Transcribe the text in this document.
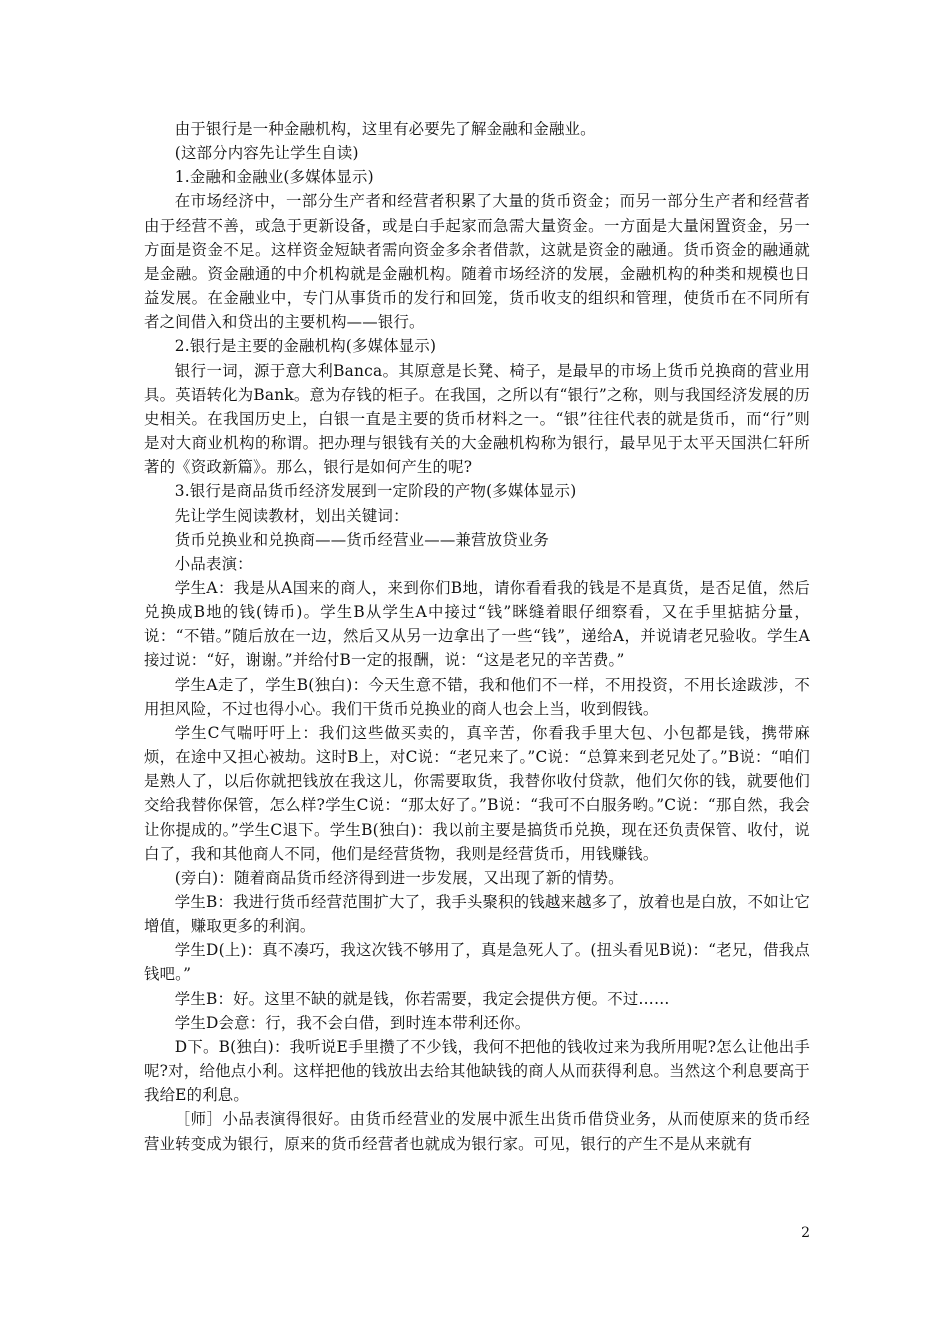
由于银行是一种金融机构，这里有必要先了解金融和金融业。

(这部分内容先让学生自读)

1.金融和金融业(多媒体显示)

在市场经济中，一部分生产者和经营者积累了大量的货币资金；而另一部分生产者和经营者由于经营不善，或急于更新设备，或是白手起家而急需大量资金。一方面是大量闲置资金，另一方面是资金不足。这样资金短缺者需向资金多余者借款，这就是资金的融通。货币资金的融通就是金融。资金融通的中介机构就是金融机构。随着市场经济的发展，金融机构的种类和规模也日益发展。在金融业中，专门从事货币的发行和回笼，货币收支的组织和管理，使货币在不同所有者之间借入和贷出的主要机构——银行。

2.银行是主要的金融机构(多媒体显示)

银行一词，源于意大利Banca。其原意是长凳、椅子，是最早的市场上货币兑换商的营业用具。英语转化为Bank。意为存钱的柜子。在我国，之所以有“银行”之称，则与我国经济发展的历史相关。在我国历史上，白银一直是主要的货币材料之一。“银”往往代表的就是货币，而“行”则是对大商业机构的称谓。把办理与银钱有关的大金融机构称为银行，最早见于太平天国洪仁轩所著的《资政新篇》。那么，银行是如何产生的呢?

3.银行是商品货币经济发展到一定阶段的产物(多媒体显示)

先让学生阅读教材，划出关键词：

货币兑换业和兑换商——货币经营业——兼营放贷业务

小品表演：

学生A：我是从A国来的商人，来到你们B地，请你看看我的钱是不是真货，是否足值，然后兑换成B地的钱(铸币)。学生B从学生A中接过“钱”眯缝着眼仔细察看，又在手里掂掂分量，说：“不错。”随后放在一边，然后又从另一边拿出了一些“钱”，递给A，并说请老兄验收。学生A接过说：“好，谢谢。”并给付B一定的报酬，说：“这是老兄的辛苦费。”

学生A走了，学生B(独白)：今天生意不错，我和他们不一样，不用投资，不用长途跋涉，不用担风险，不过也得小心。我们干货币兑换业的商人也会上当，收到假钱。

学生C气喘吁吁上：我们这些做买卖的，真辛苦，你看我手里大包、小包都是钱，携带麻烦，在途中又担心被劫。这时B上，对C说：“老兄来了。”C说：“总算来到老兄处了。”B说：“咱们是熟人了，以后你就把钱放在我这儿，你需要取货，我替你收付贷款，他们欠你的钱，就要他们交给我替你保管，怎么样?学生C说：“那太好了。”B说：“我可不白服务哟。”C说：“那自然，我会让你提成的。”学生C退下。学生B(独白)：我以前主要是搞货币兑换，现在还负责保管、收付，说白了，我和其他商人不同，他们是经营货物，我则是经营货币，用钱赚钱。

(旁白)：随着商品货币经济得到进一步发展，又出现了新的情势。

学生B：我进行货币经营范围扩大了，我手头聚积的钱越来越多了，放着也是白放，不如让它增值，赚取更多的利润。

学生D(上)：真不凑巧，我这次钱不够用了，真是急死人了。(扭头看见B说)：“老兄，借我点钱吧。”

学生B：好。这里不缺的就是钱，你若需要，我定会提供方便。不过……

学生D会意：行，我不会白借，到时连本带利还你。

D下。B(独白)：我听说E手里攒了不少钱，我何不把他的钱收过来为我所用呢?怎么让他出手呢?对，给他点小利。这样把他的钱放出去给其他缺钱的商人从而获得利息。当然这个利息要高于我给E的利息。

［师］小品表演得很好。由货币经营业的发展中派生出货币借贷业务，从而使原来的货币经营业转变成为银行，原来的货币经营者也就成为银行家。可见，银行的产生不是从来就有

2
